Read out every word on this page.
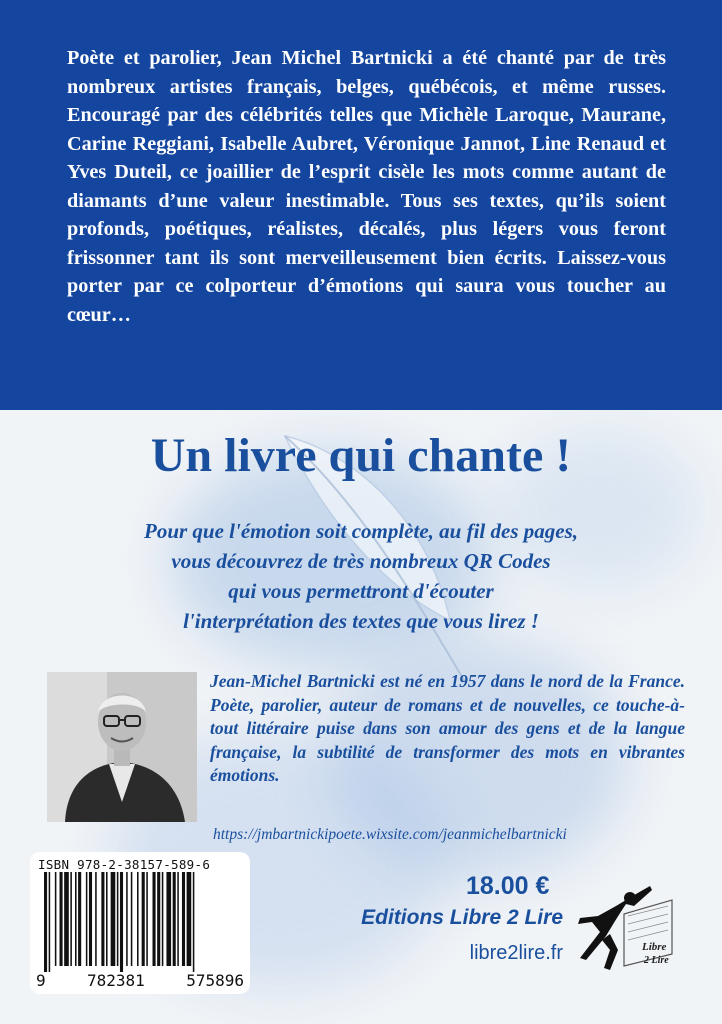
Poète et parolier, Jean Michel Bartnicki a été chanté par de très nombreux artistes français, belges, québécois, et même russes. Encouragé par des célébrités telles que Michèle Laroque, Maurane, Carine Reggiani, Isabelle Aubret, Véronique Jannot, Line Renaud et Yves Duteil, ce joaillier de l’esprit cisèle les mots comme autant de diamants d’une valeur inestimable. Tous ses textes, qu’ils soient profonds, poétiques, réalistes, décalés, plus légers vous feront frissonner tant ils sont merveilleusement bien écrits. Laissez-vous porter par ce colporteur d’émotions qui saura vous toucher au cœur…
Un livre qui chante !
Pour que l'émotion soit complète, au fil des pages,
vous découvrez de très nombreux QR Codes
qui vous permettront d'écouter
l'interprétation des textes que vous lirez !
Jean-Michel Bartnicki est né en 1957 dans le nord de la France. Poète, parolier, auteur de romans et de nouvelles, ce touche-à-tout littéraire puise dans son amour des gens et de la langue française, la subtilité de transformer des mots en vibrantes émotions.
https://jmbartnickipoete.wixsite.com/jeanmichelbartnicki
ISBN 978-2-38157-589-6
9	782381	575896
18.00 €
Editions Libre 2 Lire
libre2lire.fr	Libre
2 Lire
